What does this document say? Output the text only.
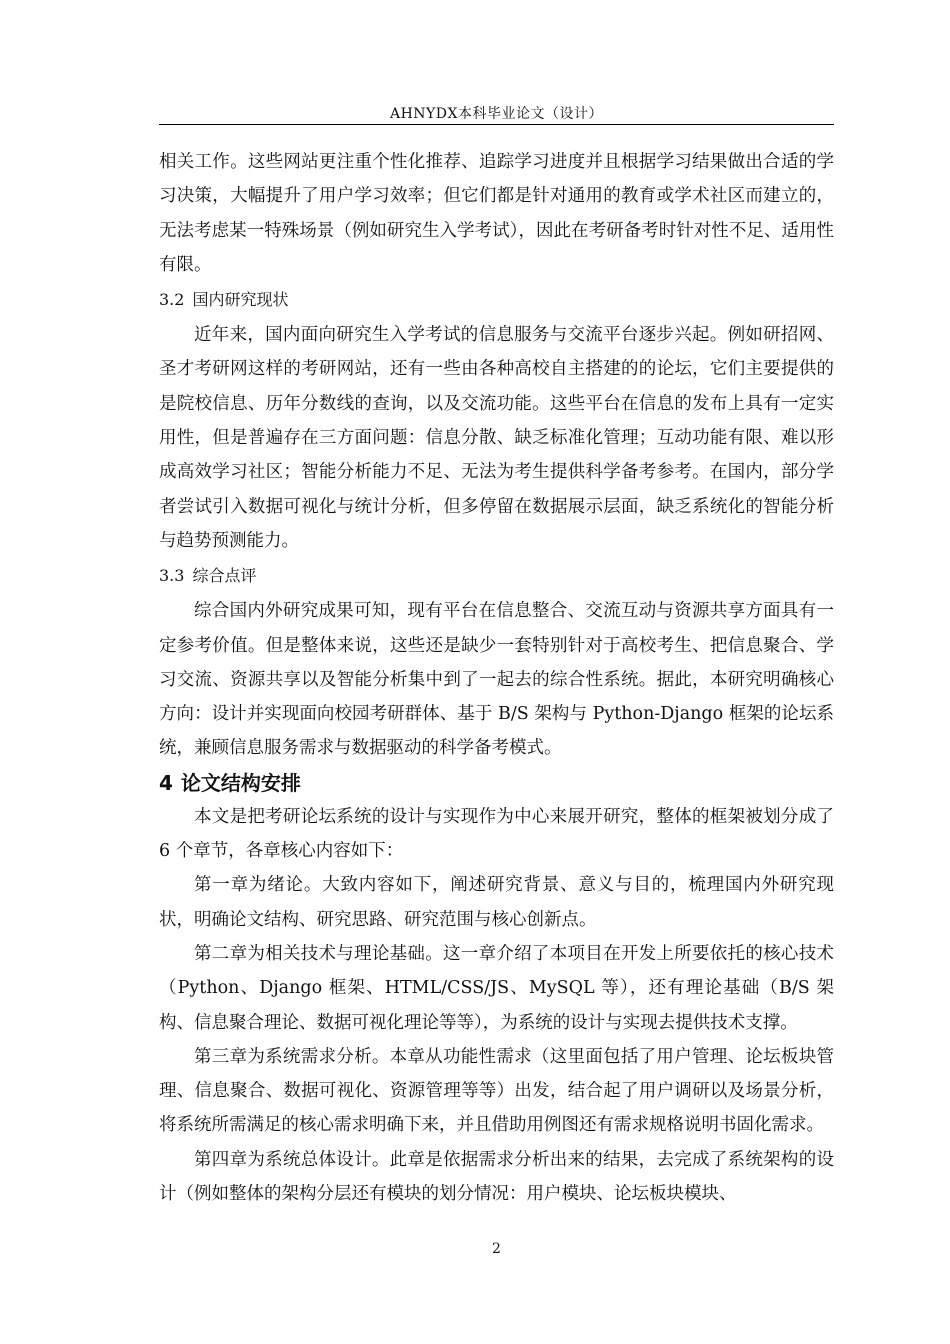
AHNYDX本科毕业论文（设计）

相关工作。这些网站更注重个性化推荐、追踪学习进度并且根据学习结果做出合适的学习决策，大幅提升了用户学习效率；但它们都是针对通用的教育或学术社区而建立的，无法考虑某一特殊场景（例如研究生入学考试），因此在考研备考时针对性不足、适用性有限。

3.2 国内研究现状

近年来，国内面向研究生入学考试的信息服务与交流平台逐步兴起。例如研招网、圣才考研网这样的考研网站，还有一些由各种高校自主搭建的的论坛，它们主要提供的是院校信息、历年分数线的查询，以及交流功能。这些平台在信息的发布上具有一定实用性，但是普遍存在三方面问题：信息分散、缺乏标准化管理；互动功能有限、难以形成高效学习社区；智能分析能力不足、无法为考生提供科学备考参考。在国内，部分学者尝试引入数据可视化与统计分析，但多停留在数据展示层面，缺乏系统化的智能分析与趋势预测能力。

3.3 综合点评

综合国内外研究成果可知，现有平台在信息整合、交流互动与资源共享方面具有一定参考价值。但是整体来说，这些还是缺少一套特别针对于高校考生、把信息聚合、学习交流、资源共享以及智能分析集中到了一起去的综合性系统。据此，本研究明确核心方向：设计并实现面向校园考研群体、基于 B/S 架构与 Python-Django 框架的论坛系统，兼顾信息服务需求与数据驱动的科学备考模式。

4 论文结构安排

本文是把考研论坛系统的设计与实现作为中心来展开研究，整体的框架被划分成了 6 个章节，各章核心内容如下：

第一章为绪论。大致内容如下，阐述研究背景、意义与目的，梳理国内外研究现状，明确论文结构、研究思路、研究范围与核心创新点。

第二章为相关技术与理论基础。这一章介绍了本项目在开发上所要依托的核心技术（Python、Django 框架、HTML/CSS/JS、MySQL 等），还有理论基础（B/S 架构、信息聚合理论、数据可视化理论等等），为系统的设计与实现去提供技术支撑。

第三章为系统需求分析。本章从功能性需求（这里面包括了用户管理、论坛板块管理、信息聚合、数据可视化、资源管理等等）出发，结合起了用户调研以及场景分析，将系统所需满足的核心需求明确下来，并且借助用例图还有需求规格说明书固化需求。

第四章为系统总体设计。此章是依据需求分析出来的结果，去完成了系统架构的设计（例如整体的架构分层还有模块的划分情况：用户模块、论坛板块模块、

2
